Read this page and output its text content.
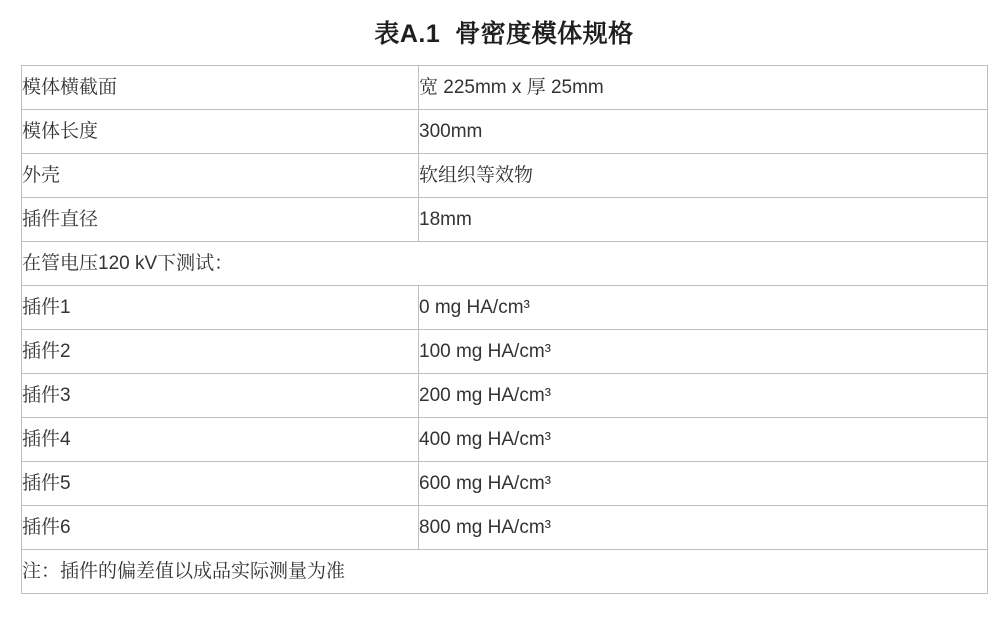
表A.1  骨密度模体规格
模体横截面	宽 225mm x 厚 25mm
模体长度	300mm
外壳	软组织等效物
插件直径	18mm
在管电压120 kV下测试：	
插件1	0 mg HA/cm³
插件2	100 mg HA/cm³
插件3	200 mg HA/cm³
插件4	400 mg HA/cm³
插件5	600 mg HA/cm³
插件6	800 mg HA/cm³
注：插件的偏差值以成品实际测量为准	
